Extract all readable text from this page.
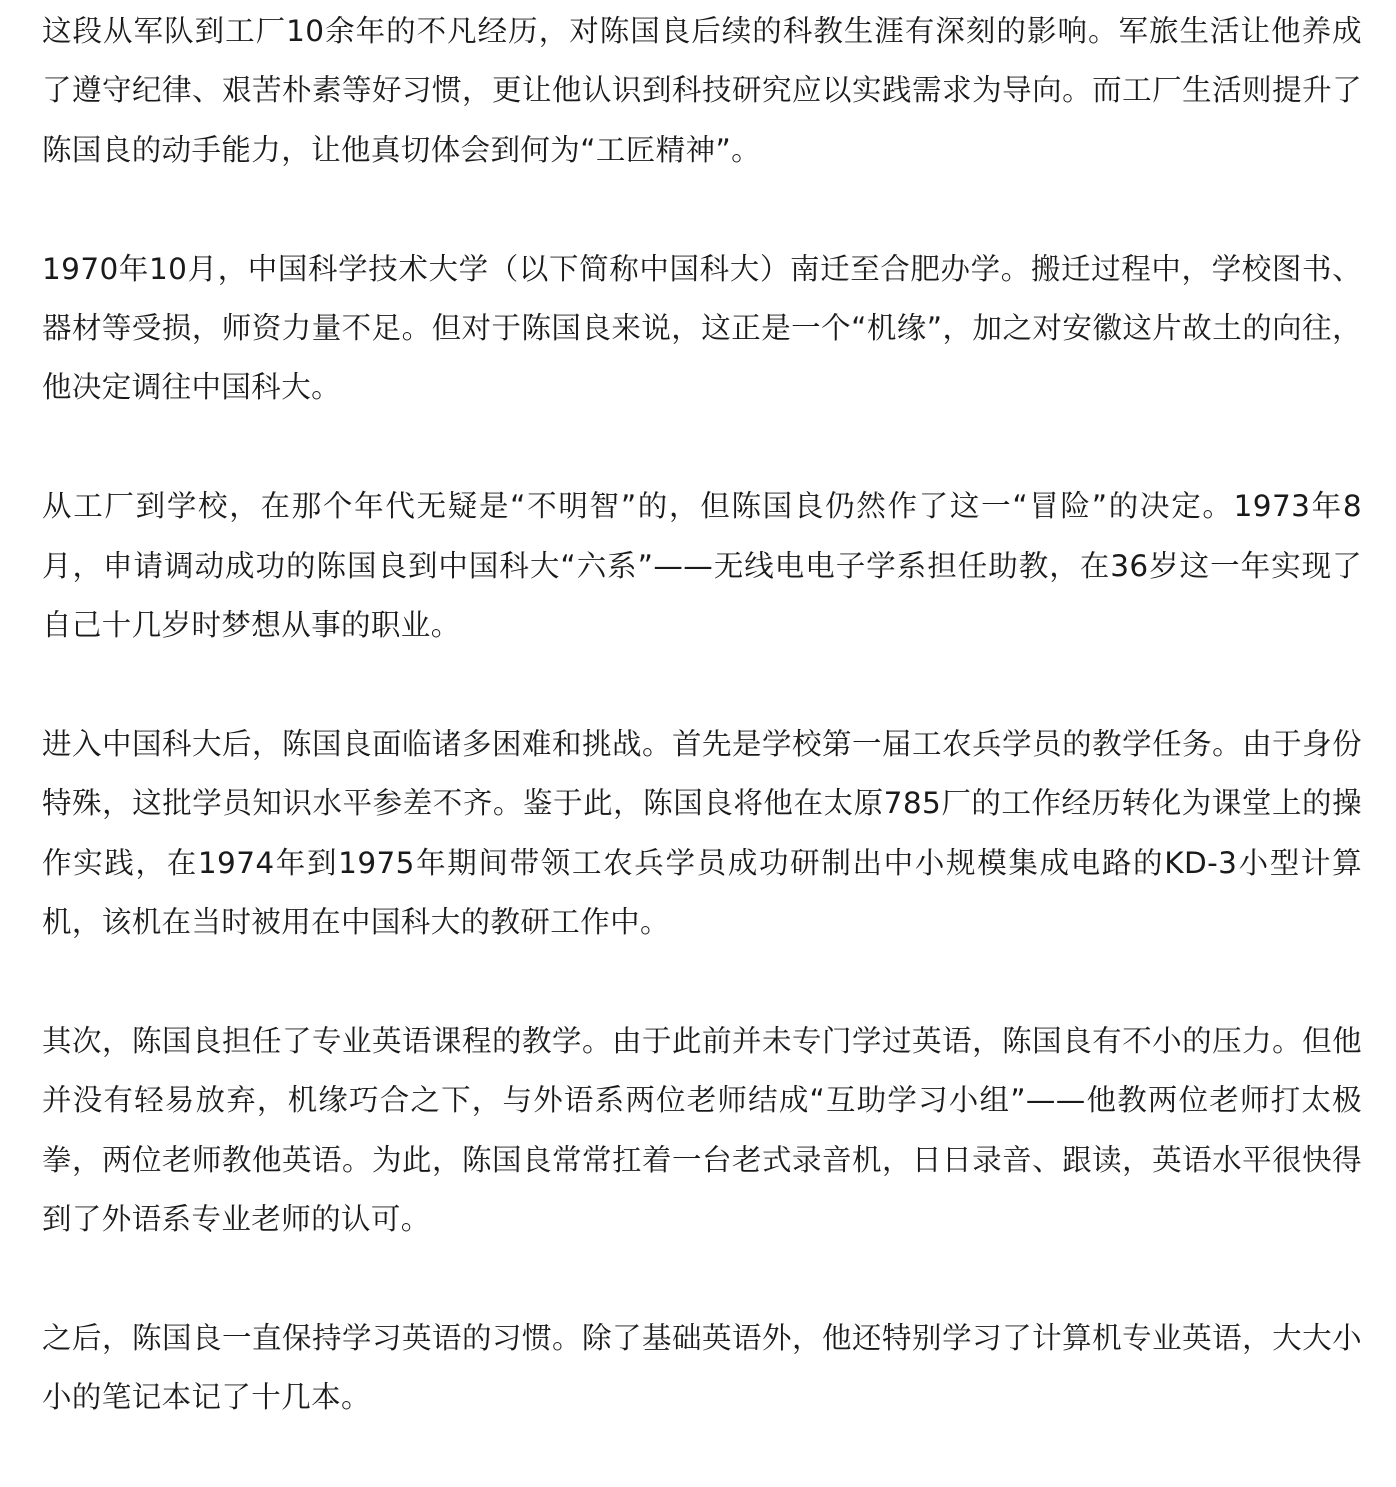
这段从军队到工厂10余年的不凡经历，对陈国良后续的科教生涯有深刻的影响。军旅生活让他养成了遵守纪律、艰苦朴素等好习惯，更让他认识到科技研究应以实践需求为导向。而工厂生活则提升了陈国良的动手能力，让他真切体会到何为“工匠精神”。

1970年10月，中国科学技术大学（以下简称中国科大）南迁至合肥办学。搬迁过程中，学校图书、器材等受损，师资力量不足。但对于陈国良来说，这正是一个“机缘”，加之对安徽这片故土的向往，他决定调往中国科大。

从工厂到学校，在那个年代无疑是“不明智”的，但陈国良仍然作了这一“冒险”的决定。1973年8月，申请调动成功的陈国良到中国科大“六系”——无线电电子学系担任助教，在36岁这一年实现了自己十几岁时梦想从事的职业。

进入中国科大后，陈国良面临诸多困难和挑战。首先是学校第一届工农兵学员的教学任务。由于身份特殊，这批学员知识水平参差不齐。鉴于此，陈国良将他在太原785厂的工作经历转化为课堂上的操作实践，在1974年到1975年期间带领工农兵学员成功研制出中小规模集成电路的KD-3小型计算机，该机在当时被用在中国科大的教研工作中。

其次，陈国良担任了专业英语课程的教学。由于此前并未专门学过英语，陈国良有不小的压力。但他并没有轻易放弃，机缘巧合之下，与外语系两位老师结成“互助学习小组”——他教两位老师打太极拳，两位老师教他英语。为此，陈国良常常扛着一台老式录音机，日日录音、跟读，英语水平很快得到了外语系专业老师的认可。

之后，陈国良一直保持学习英语的习惯。除了基础英语外，他还特别学习了计算机专业英语，大大小小的笔记本记了十几本。
